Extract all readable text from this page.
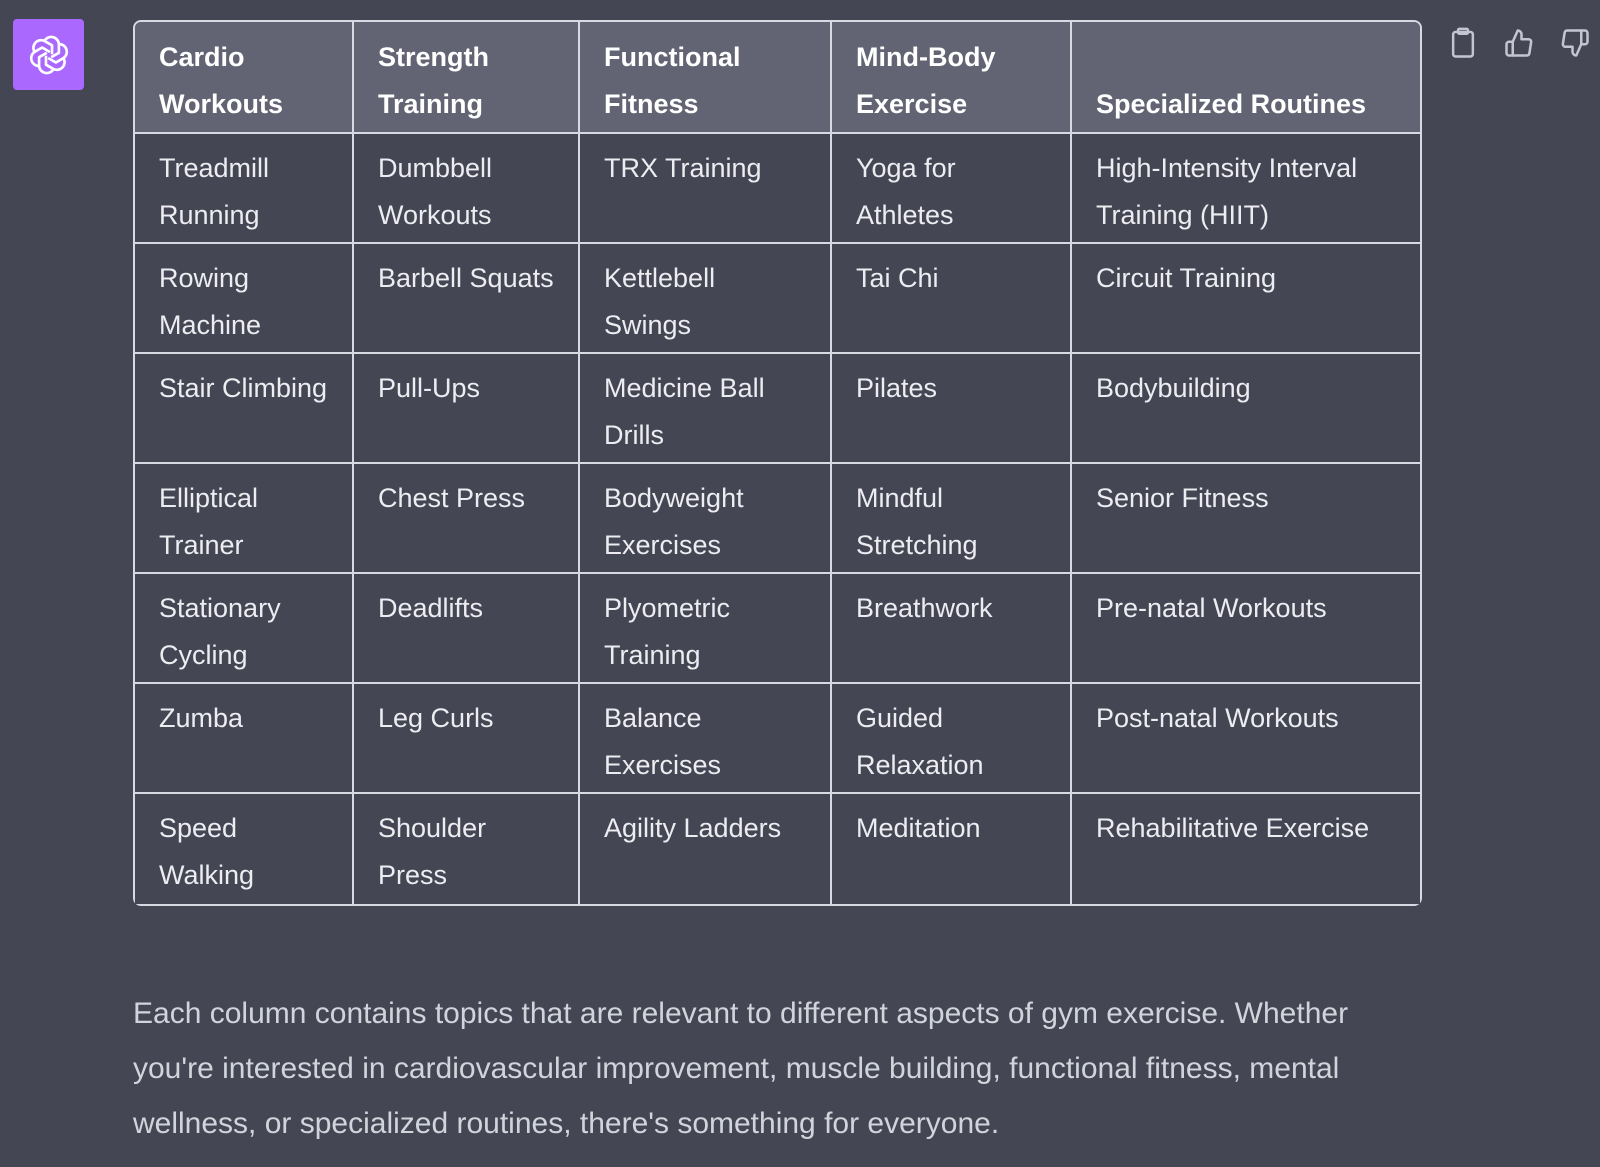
Cardio Workouts	Strength Training	Functional Fitness	Mind-Body Exercise	Specialized Routines
Treadmill Running	Dumbbell Workouts	TRX Training	Yoga for Athletes	High-Intensity Interval Training (HIIT)
Rowing Machine	Barbell Squats	Kettlebell Swings	Tai Chi	Circuit Training
Stair Climbing	Pull-Ups	Medicine Ball Drills	Pilates	Bodybuilding
Elliptical Trainer	Chest Press	Bodyweight Exercises	Mindful Stretching	Senior Fitness
Stationary Cycling	Deadlifts	Plyometric Training	Breathwork	Pre-natal Workouts
Zumba	Leg Curls	Balance Exercises	Guided Relaxation	Post-natal Workouts
Speed Walking	Shoulder Press	Agility Ladders	Meditation	Rehabilitative Exercise

Each column contains topics that are relevant to different aspects of gym exercise. Whether you're interested in cardiovascular improvement, muscle building, functional fitness, mental wellness, or specialized routines, there's something for everyone.
